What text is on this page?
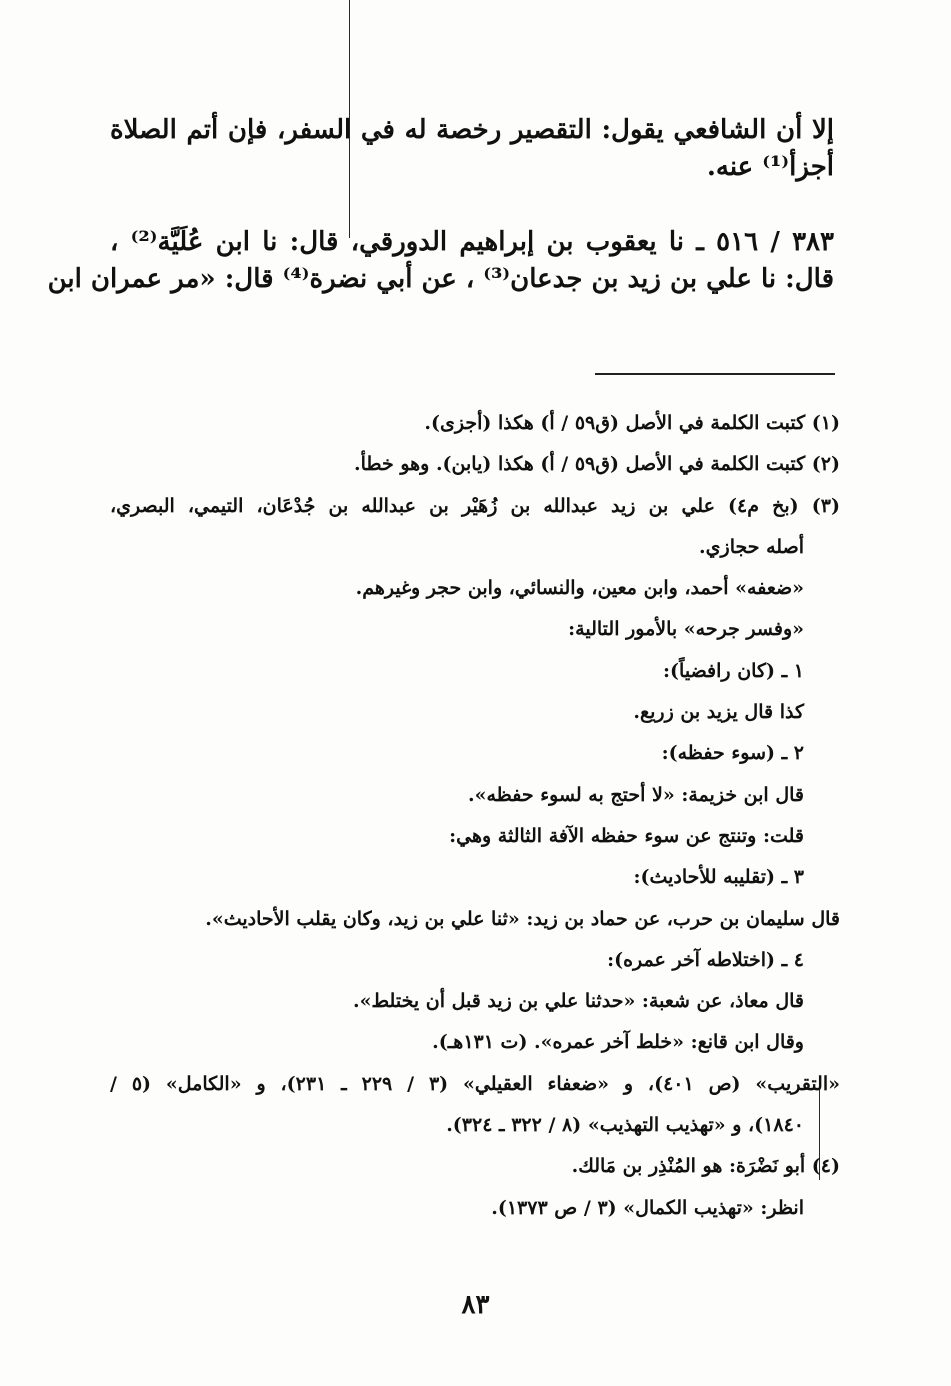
إلا أن الشافعي يقول: التقصير رخصة له في السفر، فإن أتم الصلاة
أجزأ⁽¹⁾ عنه.
٣٨٣ / ٥١٦ ـ نا يعقوب بن إبراهيم الدورقي، قال: نا ابن عُلَيَّة⁽²⁾ ،
قال: نا علي بن زيد بن جدعان⁽³⁾ ، عن أبي نضرة⁽⁴⁾ قال: «مر عمران ابن
(١) كتبت الكلمة في الأصل (ق٥٩ / أ) هكذا (أجزى).
(٢) كتبت الكلمة في الأصل (ق٥٩ / أ) هكذا (يابن). وهو خطأ.
(٣) (بخ م٤) علي بن زيد عبدالله بن زُهَيْر بن عبدالله بن جُدْعَان، التيمي، البصري،
أصله حجازي.
«ضعفه» أحمد، وابن معين، والنسائي، وابن حجر وغيرهم.
«وفسر جرحه» بالأمور التالية:
١ ـ (كان رافضياً):
كذا قال يزيد بن زريع.
٢ ـ (سوء حفظه):
قال ابن خزيمة: «لا أحتج به لسوء حفظه».
قلت: وتنتج عن سوء حفظه الآفة الثالثة وهي:
٣ ـ (تقليبه للأحاديث):
قال سليمان بن حرب، عن حماد بن زيد: «ثنا علي بن زيد، وكان يقلب الأحاديث».
٤ ـ (اختلاطه آخر عمره):
قال معاذ، عن شعبة: «حدثنا علي بن زيد قبل أن يختلط».
وقال ابن قانع: «خلط آخر عمره». (ت ١٣١هـ).
«التقريب» (ص ٤٠١)، و «ضعفاء العقيلي» (٣ / ٢٢٩ ـ ٢٣١)، و «الكامل» (٥ /
١٨٤٠)، و «تهذيب التهذيب» (٨ / ٣٢٢ ـ ٣٢٤).
(٤) أبو نَضْرَة: هو المُنْذِر بن مَالك.
انظر: «تهذيب الكمال» (٣ / ص ١٣٧٣).
٨٣
